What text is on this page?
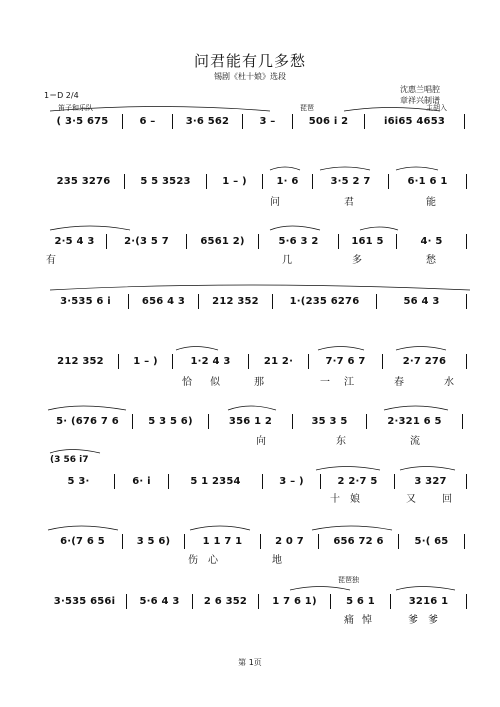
问君能有几多愁
锡剧《杜十娘》选段
沈惠兰唱腔
章祥兴制谱
1＝D 2/4
笛子和乐队	琵琶	主胡入
( 3·5 675	6 –	3·6 562	3 –	506 i 2	i6i65 4653
235 3276	5 5 3523	1 – )	1· 6	3·5 2 7	6·1 6 1
问	君	能
2·5 4 3	2·(3 5 7	6561 2)	5·6 3 2	161 5	4· 5
有	几	多	愁
3·535 6 i	656 4 3	212 352	1·(235 6276	56 4 3
212 352	1 – )	1·2 4 3	21 2·	7·7 6 7	2·7 276
恰 似	那	一 江	春	水
5· (676 7 6	5 3 5 6)	356 1 2	35 3 5	2·321 6 5
向	东	流
(3 56 i7
5 3·	6· i	5 1 2354	3 – )	2 2·7 5	3 327
十 娘	又	回
6·(7 6 5	3 5 6)	1 1 7 1	2 0 7	656 72 6	5·( 65
伤 心	地
琵琶独
3·535 656i	5·6 4 3	2 6 352	1 7 6 1)	5 6 1	3216 1
痛 悼	爹 爹
第 1页
